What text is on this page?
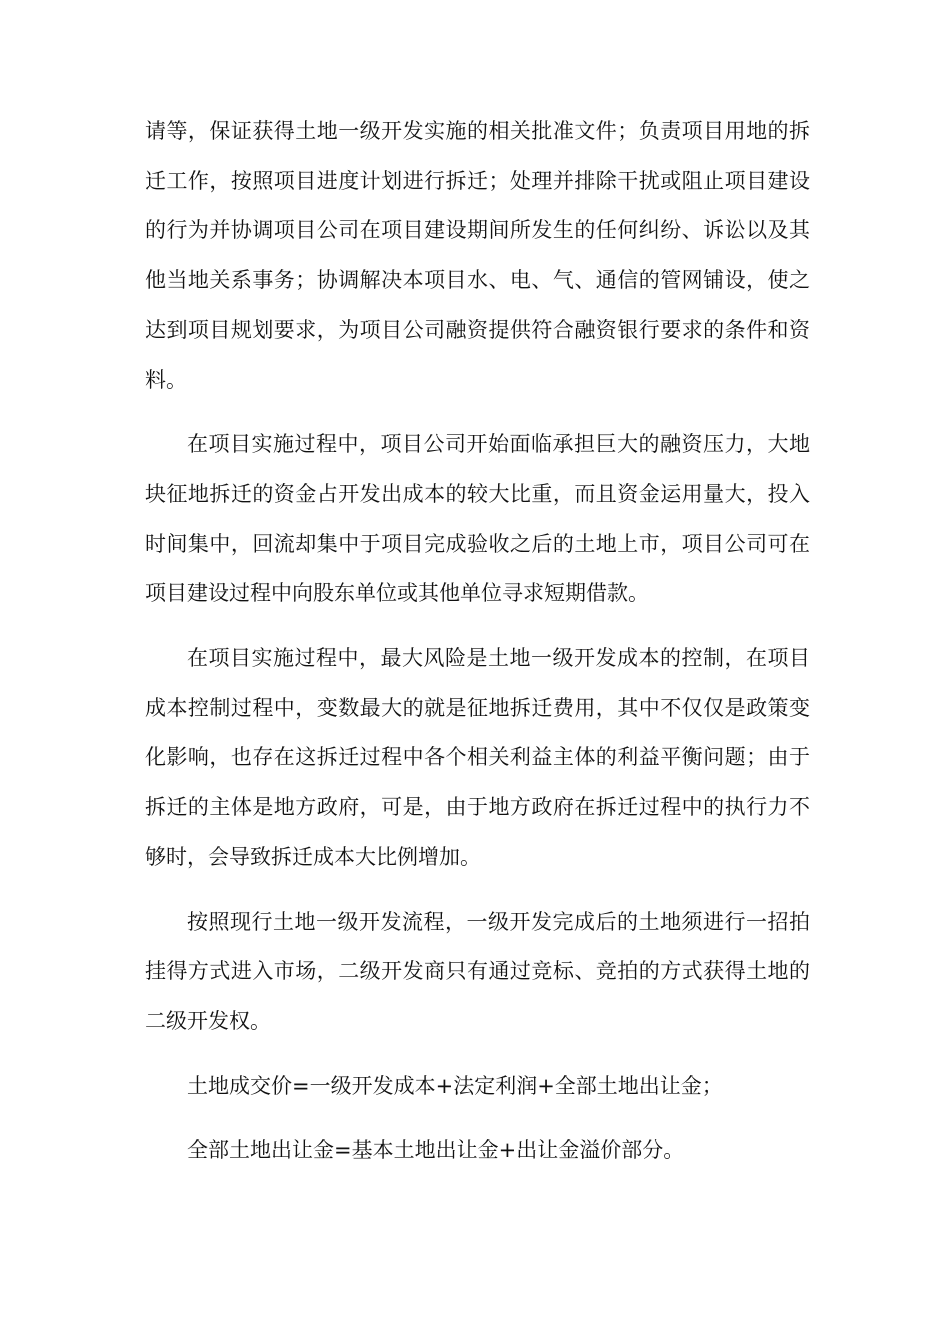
请等，保证获得土地一级开发实施的相关批准文件；负责项目用地的拆迁工作，按照项目进度计划进行拆迁；处理并排除干扰或阻止项目建设的行为并协调项目公司在项目建设期间所发生的任何纠纷、诉讼以及其他当地关系事务；协调解决本项目水、电、气、通信的管网铺设，使之达到项目规划要求，为项目公司融资提供符合融资银行要求的条件和资料。

在项目实施过程中，项目公司开始面临承担巨大的融资压力，大地块征地拆迁的资金占开发出成本的较大比重，而且资金运用量大，投入时间集中，回流却集中于项目完成验收之后的土地上市，项目公司可在项目建设过程中向股东单位或其他单位寻求短期借款。

在项目实施过程中，最大风险是土地一级开发成本的控制，在项目成本控制过程中，变数最大的就是征地拆迁费用，其中不仅仅是政策变化影响，也存在这拆迁过程中各个相关利益主体的利益平衡问题；由于拆迁的主体是地方政府，可是，由于地方政府在拆迁过程中的执行力不够时，会导致拆迁成本大比例增加。

按照现行土地一级开发流程，一级开发完成后的土地须进行一招拍挂得方式进入市场，二级开发商只有通过竞标、竞拍的方式获得土地的二级开发权。

土地成交价=一级开发成本+法定利润+全部土地出让金；

全部土地出让金=基本土地出让金+出让金溢价部分。
